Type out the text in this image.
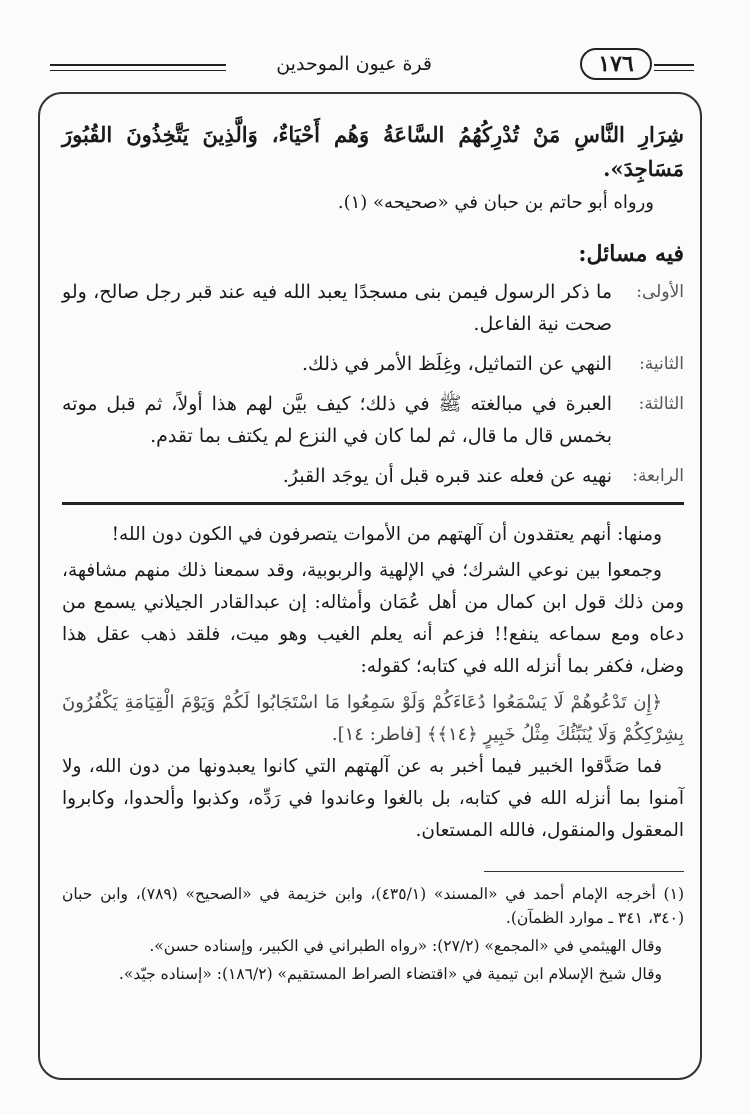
قرة عيون الموحدين	١٧٦

شِرَارِ النَّاسِ مَنْ تُدْرِكُهُمُ السَّاعَةُ وَهُم أَحْيَاءٌ، وَالَّذِينَ يَتَّخِذُونَ القُبُورَ مَسَاجِدَ».

ورواه أبو حاتم بن حبان في «صحيحه» (١).

فيه مسائل:

الأولى:
ما ذكر الرسول فيمن بنى مسجدًا يعبد الله فيه عند قبر رجل صالح، ولو صحت نية الفاعل.
الثانية:
النهي عن التماثيل، وغِلَظ الأمر في ذلك.
الثالثة:
العبرة في مبالغته ﷺ في ذلك؛ كيف بيَّن لهم هذا أولاً، ثم قبل موته بخمس قال ما قال، ثم لما كان في النزع لم يكتف بما تقدم.
الرابعة:
نهيه عن فعله عند قبره قبل أن يوجَد القبرُ.

ومنها: أنهم يعتقدون أن آلهتهم من الأموات يتصرفون في الكون دون الله!

وجمعوا بين نوعي الشرك؛ في الإلهية والربوبية، وقد سمعنا ذلك منهم مشافهة، ومن ذلك قول ابن كمال من أهل عُمَان وأمثاله: إن عبدالقادر الجيلاني يسمع من دعاه ومع سماعه ينفع!! فزعم أنه يعلم الغيب وهو ميت، فلقد ذهب عقل هذا وضل، فكفر بما أنزله الله في كتابه؛ كقوله:

﴿إِن تَدْعُوهُمْ لَا يَسْمَعُوا دُعَاءَكُمْ وَلَوْ سَمِعُوا مَا اسْتَجَابُوا لَكُمْ وَيَوْمَ الْقِيَامَةِ يَكْفُرُونَ بِشِرْكِكُمْ وَلَا يُنَبِّئُكَ مِثْلُ خَبِيرٍ ﴿١٤﴾﴾ [فاطر: ١٤].

فما صَدَّقوا الخبير فيما أخبر به عن آلهتهم التي كانوا يعبدونها من دون الله، ولا آمنوا بما أنزله الله في كتابه، بل بالغوا وعاندوا في رَدِّه، وكذبوا وألحدوا، وكابروا المعقول والمنقول، فالله المستعان.

(١) أخرجه الإمام أحمد في «المسند» (٤٣٥/١)، وابن خزيمة في «الصحيح» (٧٨٩)، وابن حبان (٣٤٠، ٣٤١ ـ موارد الظمآن).

وقال الهيثمي في «المجمع» (٢٧/٢): «رواه الطبراني في الكبير، وإسناده حسن».

وقال شيخ الإسلام ابن تيمية في «اقتضاء الصراط المستقيم» (١٨٦/٢): «إسناده جيّد».
